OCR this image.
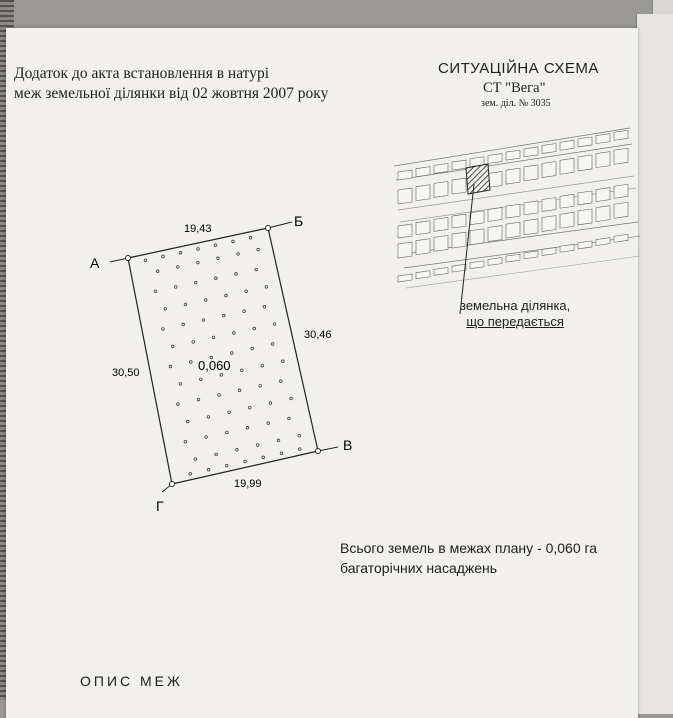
Додаток до акта встановлення в натурі
меж земельної ділянки від 02 жовтня 2007 року
СИТУАЦІЙНА СХЕМА
СТ "Вега"
зем. діл. № 3035
земельна ділянка,
що передається
А
Б
В
Г
19,43
30,46
30,50
19,99
0,060
Всього земель в межах плану - 0,060 га
багаторічних насаджень
ОПИС МЕЖ
